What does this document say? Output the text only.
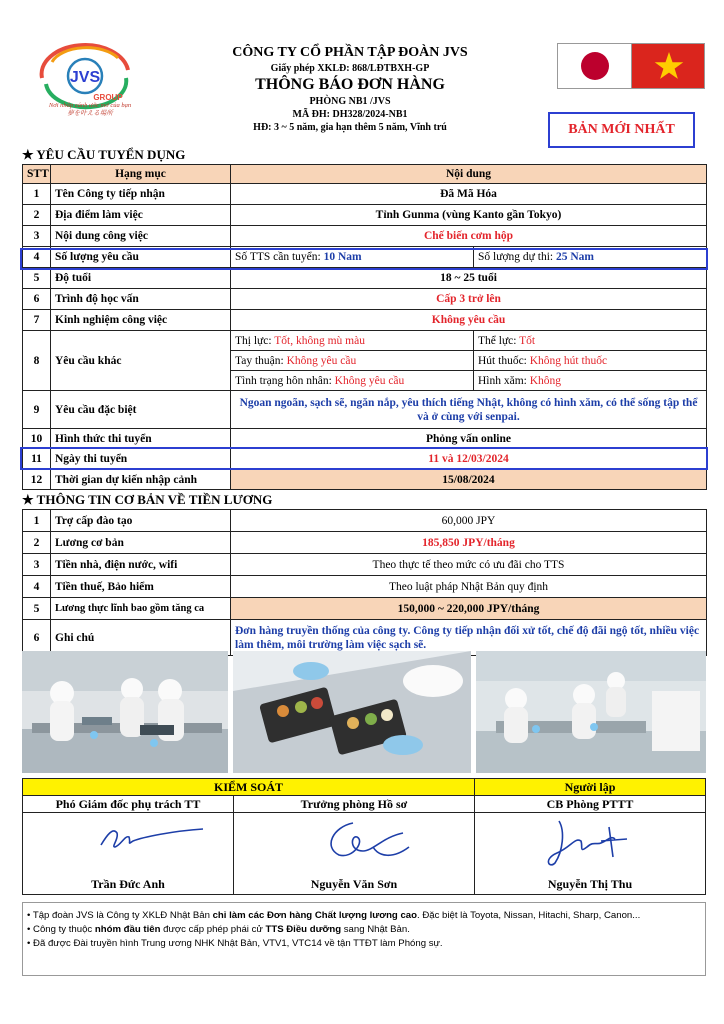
JVS
GROUP
Nơi nhấp cánh ước mơ của bạn
夢を叶える場所
CÔNG TY CỔ PHẦN TẬP ĐOÀN JVS
Giấy phép XKLĐ: 868/LĐTBXH-GP
THÔNG BÁO ĐƠN HÀNG
PHÒNG NB1 /JVS
MÃ ĐH: DH328/2024-NB1
HĐ: 3 ~ 5 năm, gia hạn thêm 5 năm, Vĩnh trú	BẢN MỚI NHẤT
★ YÊU CẦU TUYỂN DỤNG
STT	Hạng mục	Nội dung	
1	Tên Công ty tiếp nhận	Đã Mã Hóa	
2	Địa điểm làm việc	Tỉnh Gunma (vùng Kanto gần Tokyo)	
3	Nội dung công việc	Chế biến cơm hộp	
4	Số lượng yêu cầu	Số TTS cần tuyển: 10 Nam	Số lượng dự thi: 25 Nam
5	Độ tuổi	18 ~ 25 tuổi	
6	Trình độ học vấn	Cấp 3 trở lên	
7	Kinh nghiệm công việc	Không yêu cầu	
8	Yêu cầu khác	Thị lực: Tốt, không mù màu	Thể lực: Tốt
		Tay thuận: Không yêu cầu	Hút thuốc: Không hút thuốc
		Tình trạng hôn nhân: Không yêu cầu	Hình xăm: Không
9	Yêu cầu đặc biệt	Ngoan ngoãn, sạch sẽ, ngăn nắp, yêu thích tiếng Nhật, không có hình xăm, có thể sống tập thể và ở cùng với senpai.	
10	Hình thức thi tuyển	Phỏng vấn online	
11	Ngày thi tuyển	11 và 12/03/2024	
12	Thời gian dự kiến nhập cảnh	15/08/2024	
★ THÔNG TIN CƠ BẢN VỀ TIỀN LƯƠNG
1	Trợ cấp đào tạo	60,000 JPY
2	Lương cơ bản	185,850 JPY/tháng
3	Tiền nhà, điện nước, wifi	Theo thực tế theo mức có ưu đãi cho TTS
4	Tiền thuế, Bảo hiểm	Theo luật pháp Nhật Bản quy định
5	Lương thực lĩnh bao gồm tăng ca	150,000 ~ 220,000 JPY/tháng
6	Ghi chú	Đơn hàng truyền thống của công ty. Công ty tiếp nhận đối xử tốt, chế độ đãi ngộ tốt, nhiều việc làm thêm, môi trường làm việc sạch sẽ.
KIỂM SOÁT	Người lập
Phó Giám đốc phụ trách TT	Trưởng phòng Hồ sơ	CB Phòng PTTT
Trần Đức Anh	Nguyễn Văn Sơn	Nguyễn Thị Thu
• Tập đoàn JVS là Công ty XKLĐ Nhật Bản chỉ làm các Đơn hàng Chất lượng lương cao. Đặc biệt là Toyota, Nissan, Hitachi, Sharp, Canon...
• Công ty thuộc nhóm đầu tiên được cấp phép phái cử TTS Điều dưỡng sang Nhật Bản.
• Đã được Đài truyền hình Trung ương NHK Nhật Bản, VTV1, VTC14 về tận TTĐT làm Phóng sự.
